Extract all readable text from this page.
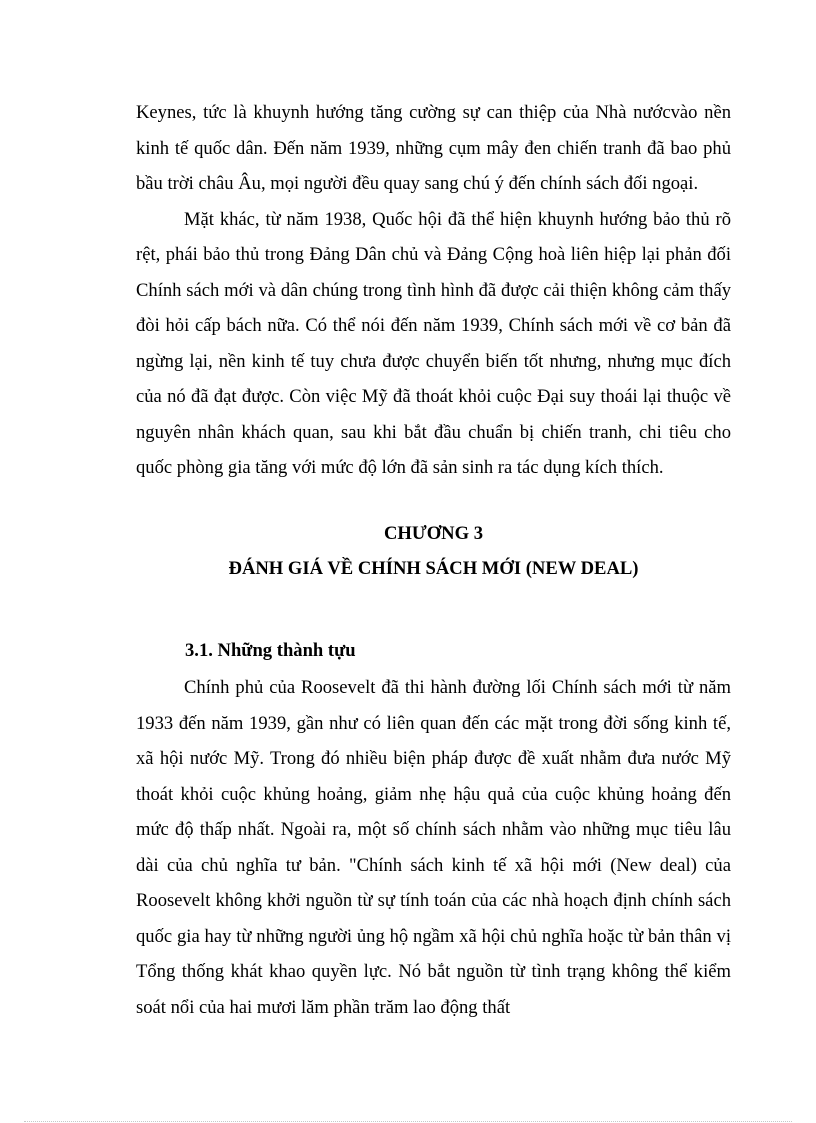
Keynes, tức là khuynh hướng tăng cường sự can thiệp của Nhà nướcvào nền kinh tế quốc dân. Đến năm 1939, những cụm mây đen chiến tranh đã bao phủ bầu trời châu Âu, mọi người đều quay sang chú ý đến chính sách đối ngoại.

Mặt khác, từ năm 1938, Quốc hội đã thể hiện khuynh hướng bảo thủ rõ rệt, phái bảo thủ trong Đảng Dân chủ và Đảng Cộng hoà liên hiệp lại phản đối Chính sách mới và dân chúng trong tình hình đã được cải thiện không cảm thấy đòi hỏi cấp bách nữa. Có thể nói đến năm 1939, Chính sách mới về cơ bản đã ngừng lại, nền kinh tế tuy chưa được chuyển biến tốt nhưng, nhưng mục đích của nó đã đạt được. Còn việc Mỹ đã thoát khỏi cuộc Đại suy thoái lại thuộc về nguyên nhân khách quan, sau khi bắt đầu chuẩn bị chiến tranh, chi tiêu cho quốc phòng gia tăng với mức độ lớn đã sản sinh ra tác dụng kích thích.

CHƯƠNG 3

ĐÁNH GIÁ VỀ CHÍNH SÁCH MỚI (NEW DEAL)

3.1. Những thành tựu

Chính phủ của Roosevelt đã thi hành đường lối Chính sách mới từ năm 1933 đến năm 1939, gần như có liên quan đến các mặt trong đời sống kinh tế, xã hội nước Mỹ. Trong đó nhiều biện pháp được đề xuất nhằm đưa nước Mỹ thoát khỏi cuộc khủng hoảng, giảm nhẹ hậu quả của cuộc khủng hoảng đến mức độ thấp nhất. Ngoài ra, một số chính sách nhằm vào những mục tiêu lâu dài của chủ nghĩa tư bản. "Chính sách kinh tế xã hội mới (New deal) của Roosevelt không khởi nguồn từ sự tính toán của các nhà hoạch định chính sách quốc gia hay từ những người ủng hộ ngầm xã hội chủ nghĩa hoặc từ bản thân vị Tổng thống khát khao quyền lực. Nó bắt nguồn từ tình trạng không thể kiểm soát nổi của hai mươi lăm phần trăm lao động thất
